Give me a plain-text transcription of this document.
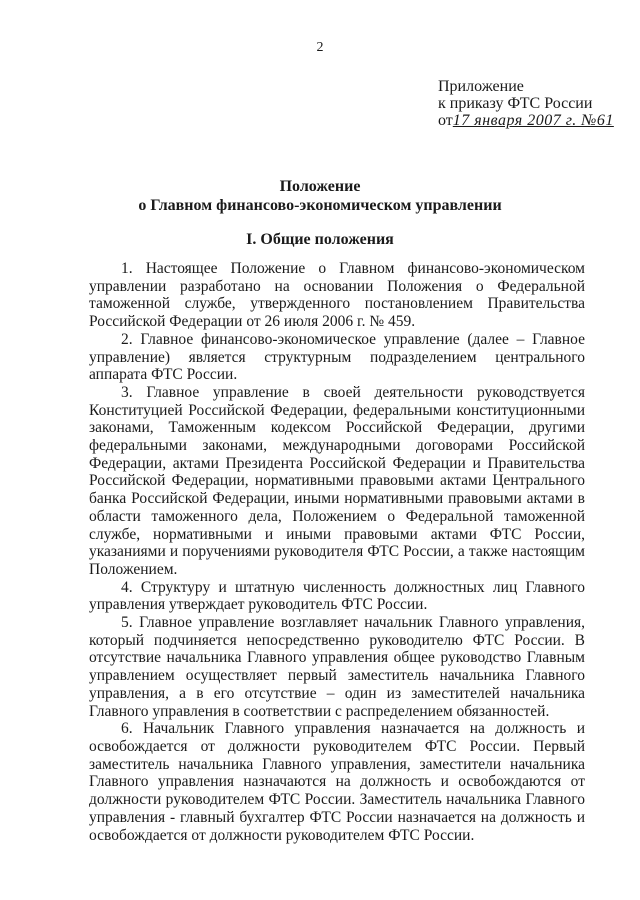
2
Приложение
к приказу ФТС России
от17 января 2007 г. №61
Положение
о Главном финансово-экономическом управлении
I. Общие положения

1. Настоящее Положение о Главном финансово-экономическом управлении разработано на основании Положения о Федеральной таможенной службе, утвержденного постановлением Правительства Российской Федерации от 26 июля 2006 г. № 459.

2. Главное финансово-экономическое управление (далее – Главное управление) является структурным подразделением центрального аппарата ФТС России.

3. Главное управление в своей деятельности руководствуется Конституцией Российской Федерации, федеральными конституционными законами, Таможенным кодексом Российской Федерации, другими федеральными законами, международными договорами Российской Федерации, актами Президента Российской Федерации и Правительства Российской Федерации, нормативными правовыми актами Центрального банка Российской Федерации, иными нормативными правовыми актами в области таможенного дела, Положением о Федеральной таможенной службе, нормативными и иными правовыми актами ФТС России, указаниями и поручениями руководителя ФТС России, а также настоящим Положением.

4. Структуру и штатную численность должностных лиц Главного управления утверждает руководитель ФТС России.

5. Главное управление возглавляет начальник Главного управления, который подчиняется непосредственно руководителю ФТС России. В отсутствие начальника Главного управления общее руководство Главным управлением осуществляет первый заместитель начальника Главного управления, а в его отсутствие – один из заместителей начальника Главного управления в соответствии с распределением обязанностей.

6. Начальник Главного управления назначается на должность и освобождается от должности руководителем ФТС России. Первый заместитель начальника Главного управления, заместители начальника Главного управления назначаются на должность и освобождаются от должности руководителем ФТС России. Заместитель начальника Главного управления - главный бухгалтер ФТС России назначается на должность и освобождается от должности руководителем ФТС России.
